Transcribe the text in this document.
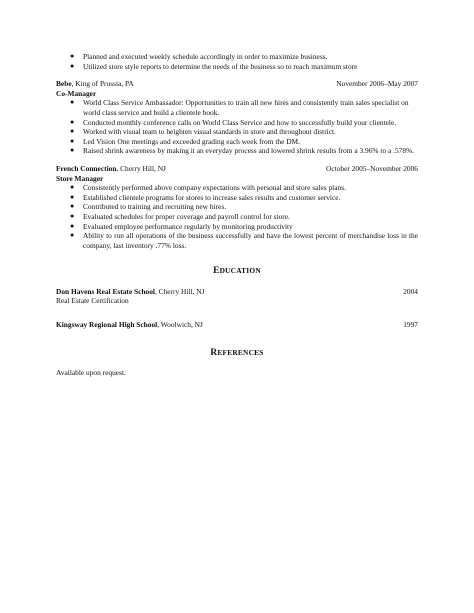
● Planned and executed weekly schedule accordingly in order to maximize business.
● Utilized store style reports to determine the needs of the business so to reach maximum store
Bebe, King of Prussia, PA	November 2006–May 2007
Co-Manager
● World Class Service Ambassador: Opportunities to train all new hires and consistently train sales specialist on world class service and build a clientele book.
● Conducted monthly conference calls on World Class Service and how to successfully build your clientele.
● Worked with visual team to heighten visual standards in store and throughout district.
● Led Vision One meetings and exceeded grading each week from the DM.
● Raised shrink awareness by making it an everyday process and lowered shrink results from a 3.96% to a .578%.
French Connection, Cherry Hill, NJ	October 2005–November 2006
Store Manager
● Consistently performed above company expectations with personal and store sales plans.
● Established clientele programs for stores to increase sales results and customer service.
● Contributed to training and recruiting new hires.
● Evaluated schedules for proper coverage and payroll control for store.
● Evaluated employee performance regularly by monitoring productivity
● Ability to run all operations of the business successfully and have the lowest percent of merchandise loss in the company, last inventory .77% loss.
EDUCATION
Don Havens Real Estate School, Cherry Hill, NJ	2004
Real Estate Certification
Kingsway Regional High School, Woolwich, NJ	1997
REFERENCES
Available upon request.
